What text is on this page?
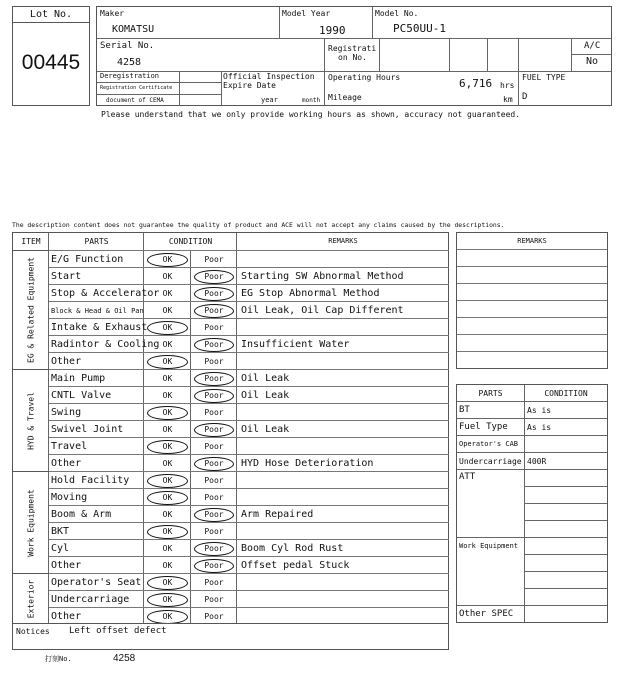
Lot No.
00445
Maker
KOMATSU
Model Year
1990
Model No.
PC50UU-1
Serial No.
4258
Registrati
on No.
A/C
No
Deregistration
Registration Certificate
document of CEMA
Official Inspection
Expire Date
year	month
Operating Hours	6,716 hrs
Mileage	km
FUEL TYPE
D
Please understand that we only provide working hours as shown, accuracy not guaranteed.
The description content does not guarantee the quality of product and ACE will not accept any claims caused by the descriptions.
ITEM	PARTS	CONDITION	REMARKS
EG & Related Equipment E/G Function	OK	Poor
Start	OK	Poor	Starting SW Abnormal Method
Stop & Accelerator OK	Poor	EG Stop Abnormal Method
Block & Head & Oil Pan	OK	Poor	Oil Leak, Oil Cap Different
Intake & Exhaust	OK	Poor
Radintor & Cooling OK	Poor	Insufficient Water
Other	OK	Poor
HYD & Travel
Main Pump	OK	Poor	Oil Leak
CNTL Valve	OK	Poor	Oil Leak
Swing	OK	Poor
Swivel Joint	OK	Poor	Oil Leak
Travel	OK	Poor
Other	OK	Poor	HYD Hose Deterioration
Work Equipment
Hold Facility	OK	Poor
Moving	OK	Poor
Boom & Arm	OK	Poor	Arm Repaired
BKT	OK	Poor
Cyl	OK	Poor	Boom Cyl Rod Rust
Other	OK	Poor	Offset pedal Stuck
Exterior Operator's Seat	OK	Poor
Undercarriage	OK	Poor
Other	OK	Poor
REMARKS
PARTS	CONDITION
BT	As is
Fuel Type As is
Operator's CAB
Undercarriage 400R
ATT
Work Equipment
Other SPEC
Notices Left offset defect
打刻No.	4258
